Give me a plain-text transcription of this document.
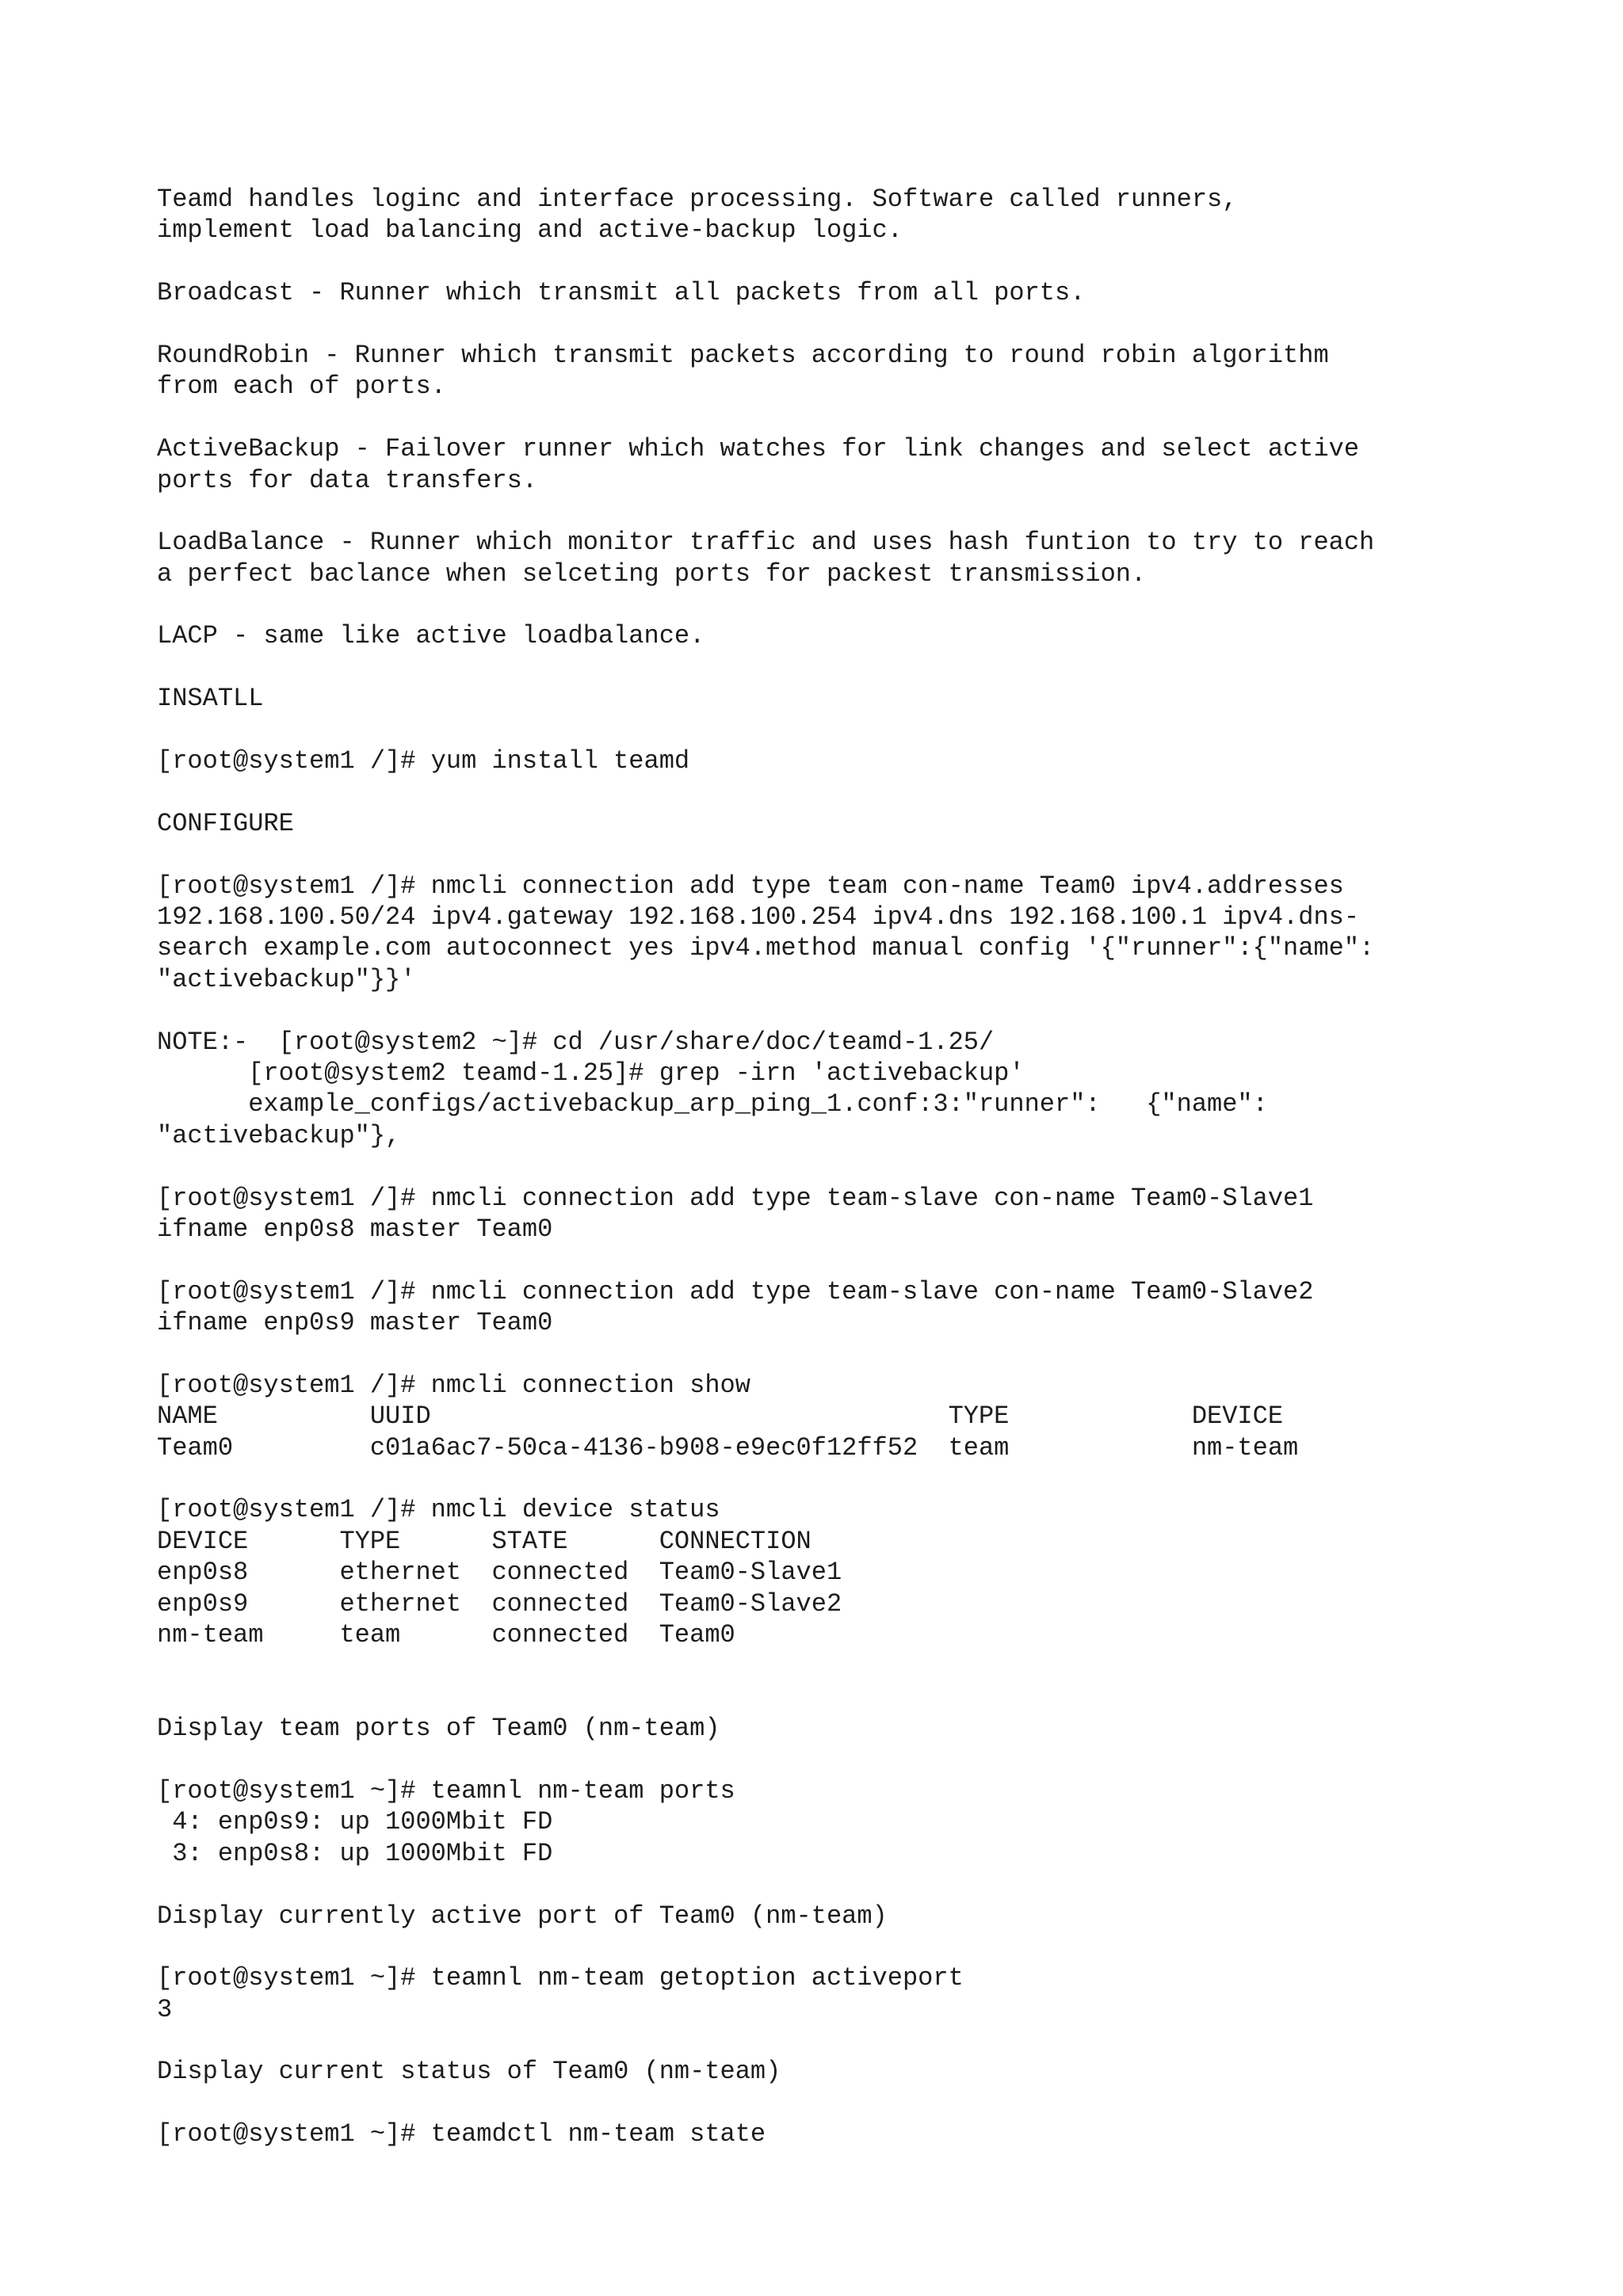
Teamd handles loginc and interface processing. Software called runners,
implement load balancing and active-backup logic.
Broadcast - Runner which transmit all packets from all ports.
RoundRobin - Runner which transmit packets according to round robin algorithm
from each of ports.
ActiveBackup - Failover runner which watches for link changes and select active
ports for data transfers.
LoadBalance - Runner which monitor traffic and uses hash funtion to try to reach
a perfect baclance when selceting ports for packest transmission.
LACP - same like active loadbalance.
INSATLL
[root@system1 /]# yum install teamd
CONFIGURE
[root@system1 /]# nmcli connection add type team con-name Team0 ipv4.addresses
192.168.100.50/24 ipv4.gateway 192.168.100.254 ipv4.dns 192.168.100.1 ipv4.dns-
search example.com autoconnect yes ipv4.method manual config '{"runner":{"name":
"activebackup"}}'
NOTE:-  [root@system2 ~]# cd /usr/share/doc/teamd-1.25/
[root@system2 teamd-1.25]# grep -irn 'activebackup'
example_configs/activebackup_arp_ping_1.conf:3:"runner":   {"name":
"activebackup"},
[root@system1 /]# nmcli connection add type team-slave con-name Team0-Slave1
ifname enp0s8 master Team0
[root@system1 /]# nmcli connection add type team-slave con-name Team0-Slave2
ifname enp0s9 master Team0
[root@system1 /]# nmcli connection show
NAME          UUID                                  TYPE            DEVICE
Team0         c01a6ac7-50ca-4136-b908-e9ec0f12ff52  team            nm-team
[root@system1 /]# nmcli device status
DEVICE      TYPE      STATE      CONNECTION
enp0s8      ethernet  connected  Team0-Slave1
enp0s9      ethernet  connected  Team0-Slave2
nm-team     team      connected  Team0
Display team ports of Team0 (nm-team)
[root@system1 ~]# teamnl nm-team ports
4: enp0s9: up 1000Mbit FD
3: enp0s8: up 1000Mbit FD
Display currently active port of Team0 (nm-team)
[root@system1 ~]# teamnl nm-team getoption activeport
3
Display current status of Team0 (nm-team)
[root@system1 ~]# teamdctl nm-team state
